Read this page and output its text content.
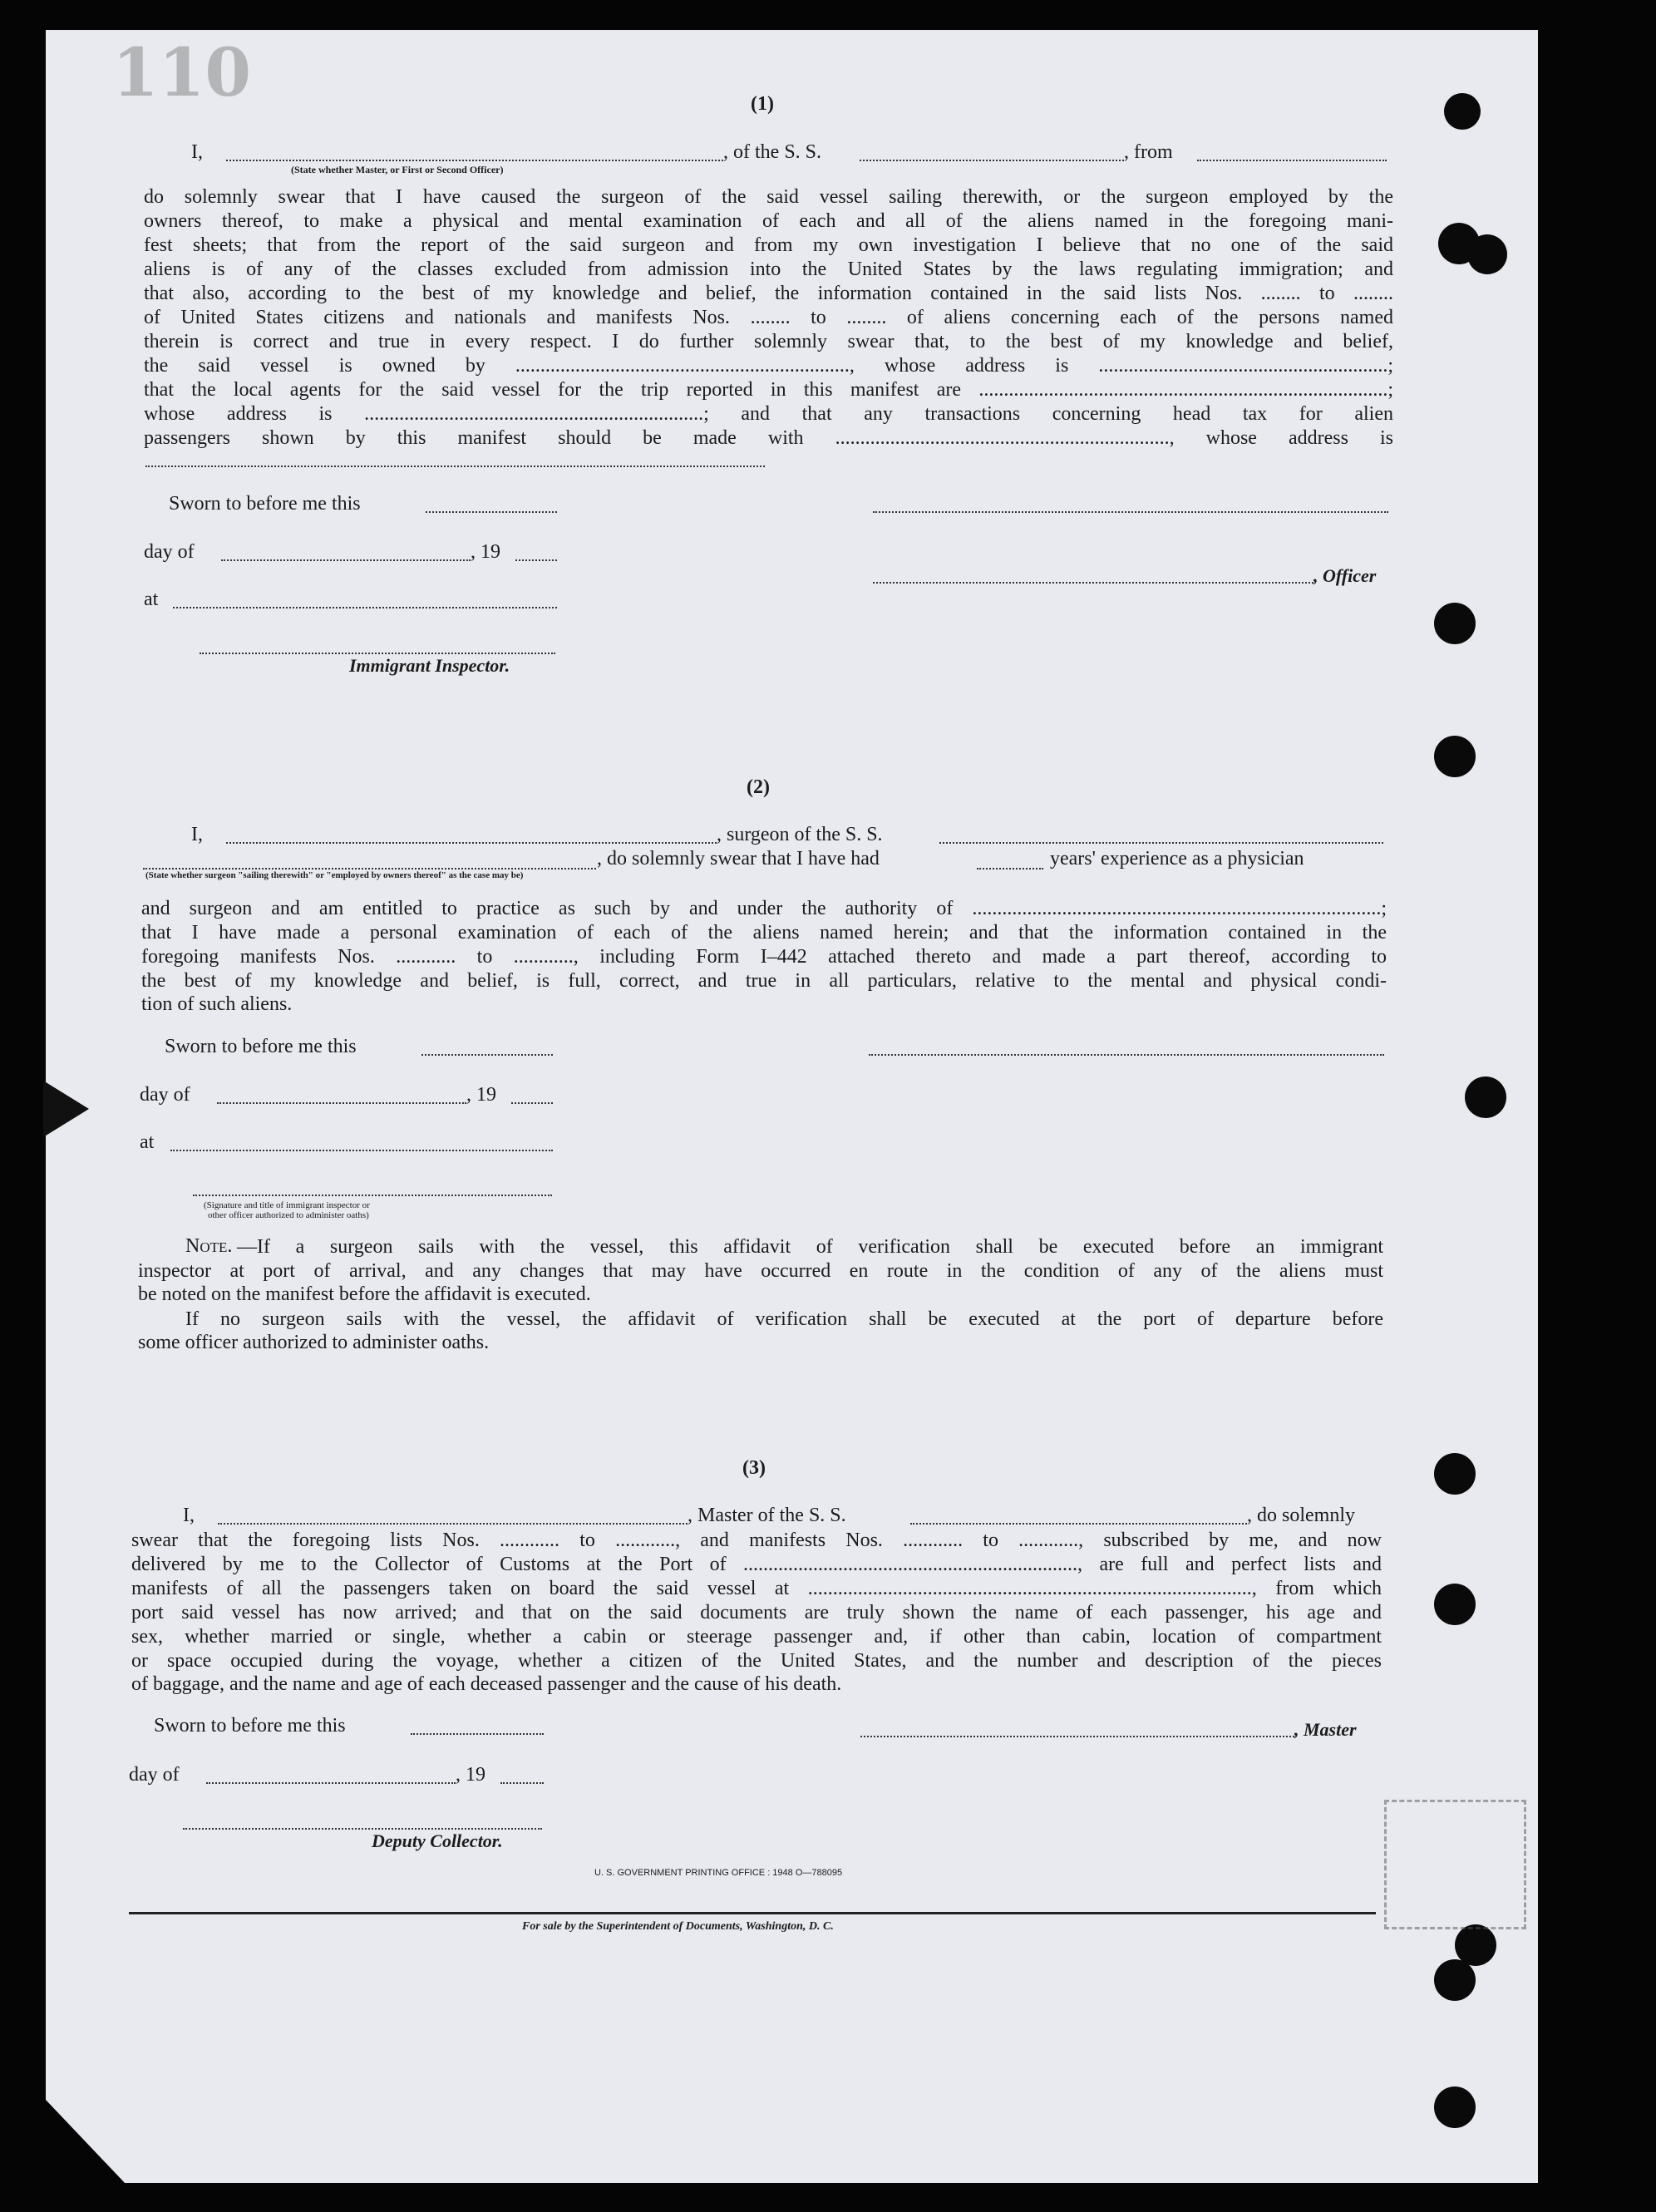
110	(1)
I,	, of the S. S.	, from
(State whether Master, or First or Second Officer)
do solemnly swear that I have caused the surgeon of the said vessel sailing therewith, or the surgeon employed by the
owners thereof, to make a physical and mental examination of each and all of the aliens named in the foregoing mani-
fest sheets; that from the report of the said surgeon and from my own investigation I believe that no one of the said
aliens is of any of the classes excluded from admission into the United States by the laws regulating immigration; and
that also, according to the best of my knowledge and belief, the information contained in the said lists Nos. ........ to ........
of United States citizens and nationals and manifests Nos. ........ to ........ of aliens concerning each of the persons named
therein is correct and true in every respect. I do further solemnly swear that, to the best of my knowledge and belief,
the said vessel is owned by ..................................................................., whose address is ..........................................................;
that the local agents for the said vessel for the trip reported in this manifest are ..................................................................................;
whose address is ....................................................................; and that any transactions concerning head tax for alien
passengers shown by this manifest should be made with ..................................................................., whose address is
Sworn to before me this
day of	, 19
, Officer
at
Immigrant Inspector.
(2)
I,	, surgeon of the S. S.
, do solemnly swear that I have had	years' experience as a physician
(State whether surgeon "sailing therewith" or "employed by owners thereof" as the case may be)
and surgeon and am entitled to practice as such by and under the authority of ..................................................................................;
that I have made a personal examination of each of the aliens named herein; and that the information contained in the
foregoing manifests Nos. ............ to ............, including Form I–442 attached thereto and made a part thereof, according to
the best of my knowledge and belief, is full, correct, and true in all particulars, relative to the mental and physical condi-
tion of such aliens.
Sworn to before me this
day of	, 19
at
(Signature and title of immigrant inspector or
other officer authorized to administer oaths)
Note. —If a surgeon sails with the vessel, this affidavit of verification shall be executed before an immigrant
inspector at port of arrival, and any changes that may have occurred en route in the condition of any of the aliens must
be noted on the manifest before the affidavit is executed.
If no surgeon sails with the vessel, the affidavit of verification shall be executed at the port of departure before
some officer authorized to administer oaths.
(3)
I,	, Master of the S. S.	, do solemnly
swear that the foregoing lists Nos. ............ to ............, and manifests Nos. ............ to ............, subscribed by me, and now
delivered by me to the Collector of Customs at the Port of ..................................................................., are full and perfect lists and
manifests of all the passengers taken on board the said vessel at ........................................................................................., from which
port said vessel has now arrived; and that on the said documents are truly shown the name of each passenger, his age and
sex, whether married or single, whether a cabin or steerage passenger and, if other than cabin, location of compartment
or space occupied during the voyage, whether a citizen of the United States, and the number and description of the pieces
of baggage, and the name and age of each deceased passenger and the cause of his death.
Sworn to before me this	, Master
day of	, 19
Deputy Collector.
U. S. GOVERNMENT PRINTING OFFICE : 1948 O—788095
For sale by the Superintendent of Documents, Washington, D. C.
